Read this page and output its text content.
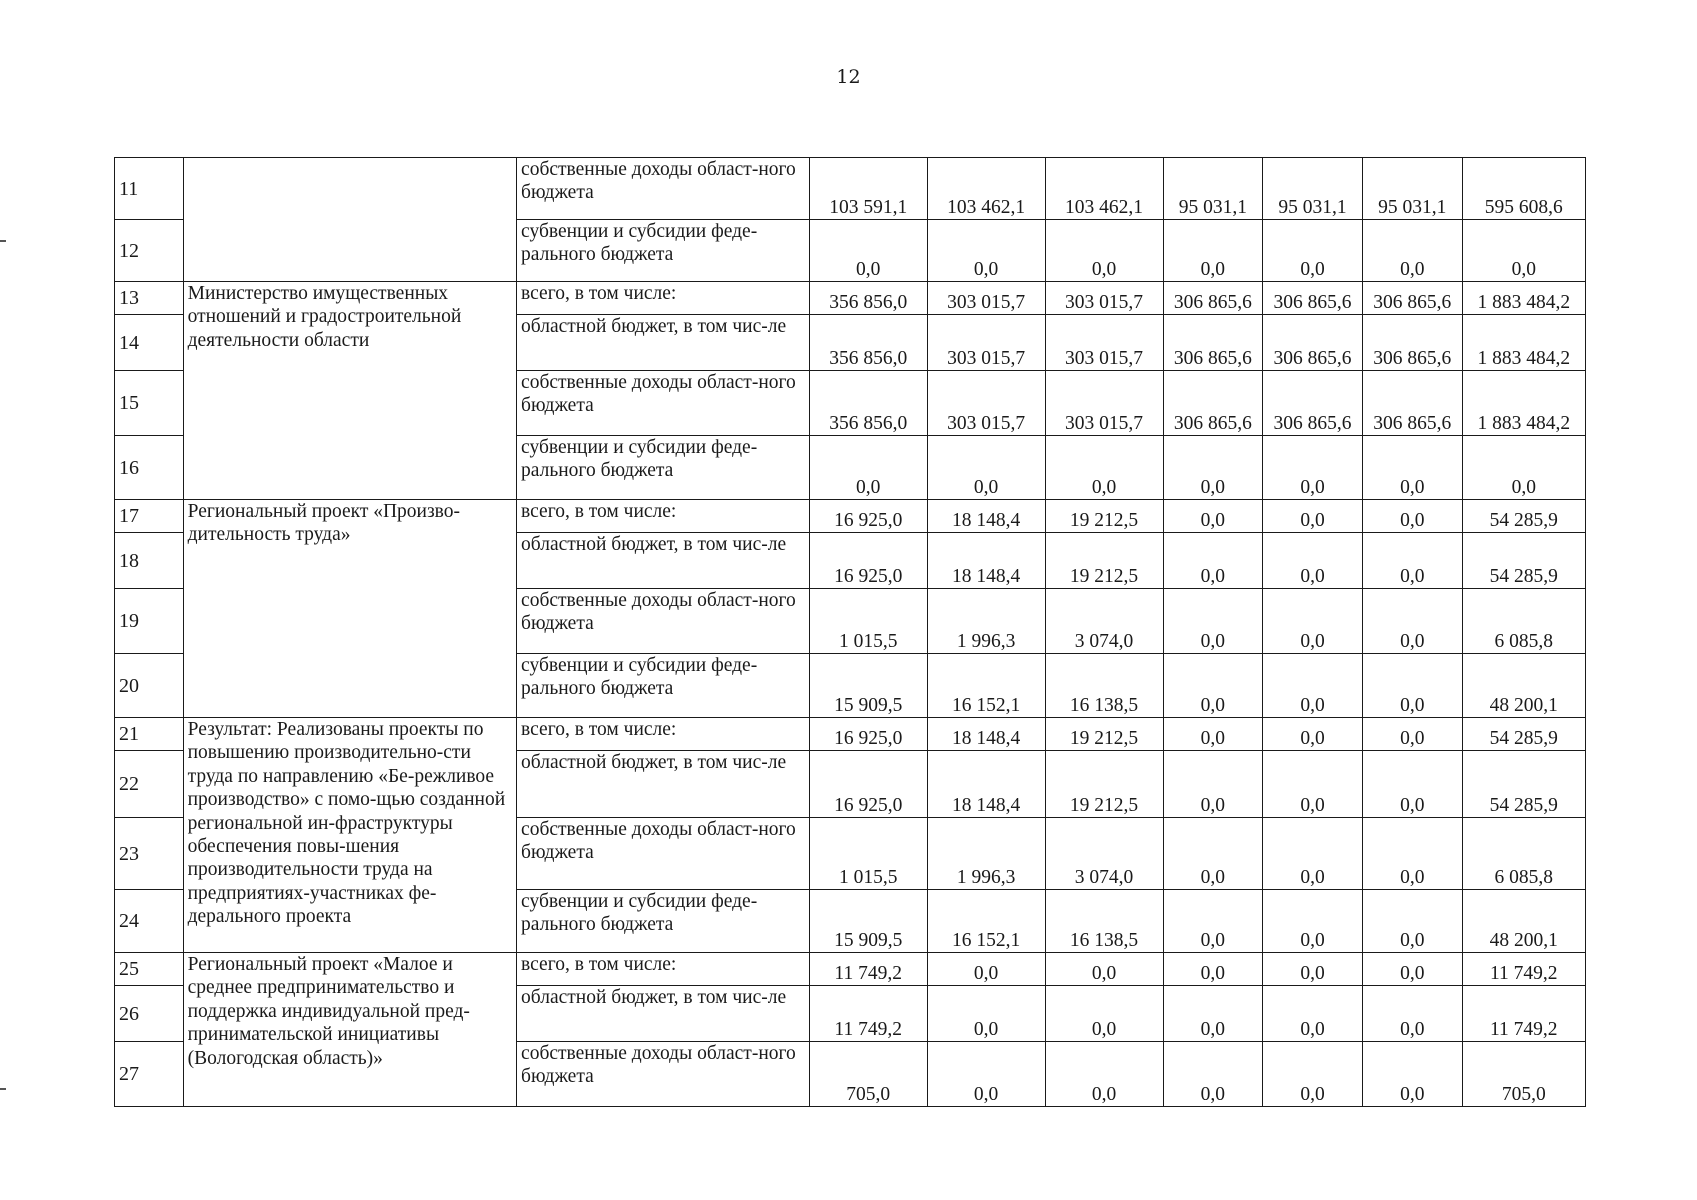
12
11		собственные доходы област-ного бюджета	103 591,1	103 462,1	103 462,1	95 031,1	95 031,1	95 031,1	595 608,6
12		субвенции и субсидии феде-рального бюджета	0,0	0,0	0,0	0,0	0,0	0,0	0,0
13	Министерство имущественных отношений и градостроительной деятельности области	всего, в том числе:	356 856,0	303 015,7	303 015,7	306 865,6	306 865,6	306 865,6	1 883 484,2
14		областной бюджет, в том чис-ле	356 856,0	303 015,7	303 015,7	306 865,6	306 865,6	306 865,6	1 883 484,2
15		собственные доходы област-ного бюджета	356 856,0	303 015,7	303 015,7	306 865,6	306 865,6	306 865,6	1 883 484,2
16		субвенции и субсидии феде-рального бюджета	0,0	0,0	0,0	0,0	0,0	0,0	0,0
17	Региональный проект «Произво-дительность труда»	всего, в том числе:	16 925,0	18 148,4	19 212,5	0,0	0,0	0,0	54 285,9
18		областной бюджет, в том чис-ле	16 925,0	18 148,4	19 212,5	0,0	0,0	0,0	54 285,9
19		собственные доходы област-ного бюджета	1 015,5	1 996,3	3 074,0	0,0	0,0	0,0	6 085,8
20		субвенции и субсидии феде-рального бюджета	15 909,5	16 152,1	16 138,5	0,0	0,0	0,0	48 200,1
21	Результат: Реализованы проекты по повышению производительно-сти труда по направлению «Бе-режливое производство» с помо-щью созданной региональной ин-фраструктуры обеспечения повы-шения производительности труда на предприятиях-участниках фе-дерального проекта	всего, в том числе:	16 925,0	18 148,4	19 212,5	0,0	0,0	0,0	54 285,9
22		областной бюджет, в том чис-ле	16 925,0	18 148,4	19 212,5	0,0	0,0	0,0	54 285,9
23		собственные доходы област-ного бюджета	1 015,5	1 996,3	3 074,0	0,0	0,0	0,0	6 085,8
24		субвенции и субсидии феде-рального бюджета	15 909,5	16 152,1	16 138,5	0,0	0,0	0,0	48 200,1
25	Региональный проект «Малое и среднее предпринимательство и поддержка индивидуальной пред-принимательской инициативы (Вологодская область)»	всего, в том числе:	11 749,2	0,0	0,0	0,0	0,0	0,0	11 749,2
26		областной бюджет, в том чис-ле	11 749,2	0,0	0,0	0,0	0,0	0,0	11 749,2
27		собственные доходы област-ного бюджета	705,0	0,0	0,0	0,0	0,0	0,0	705,0
